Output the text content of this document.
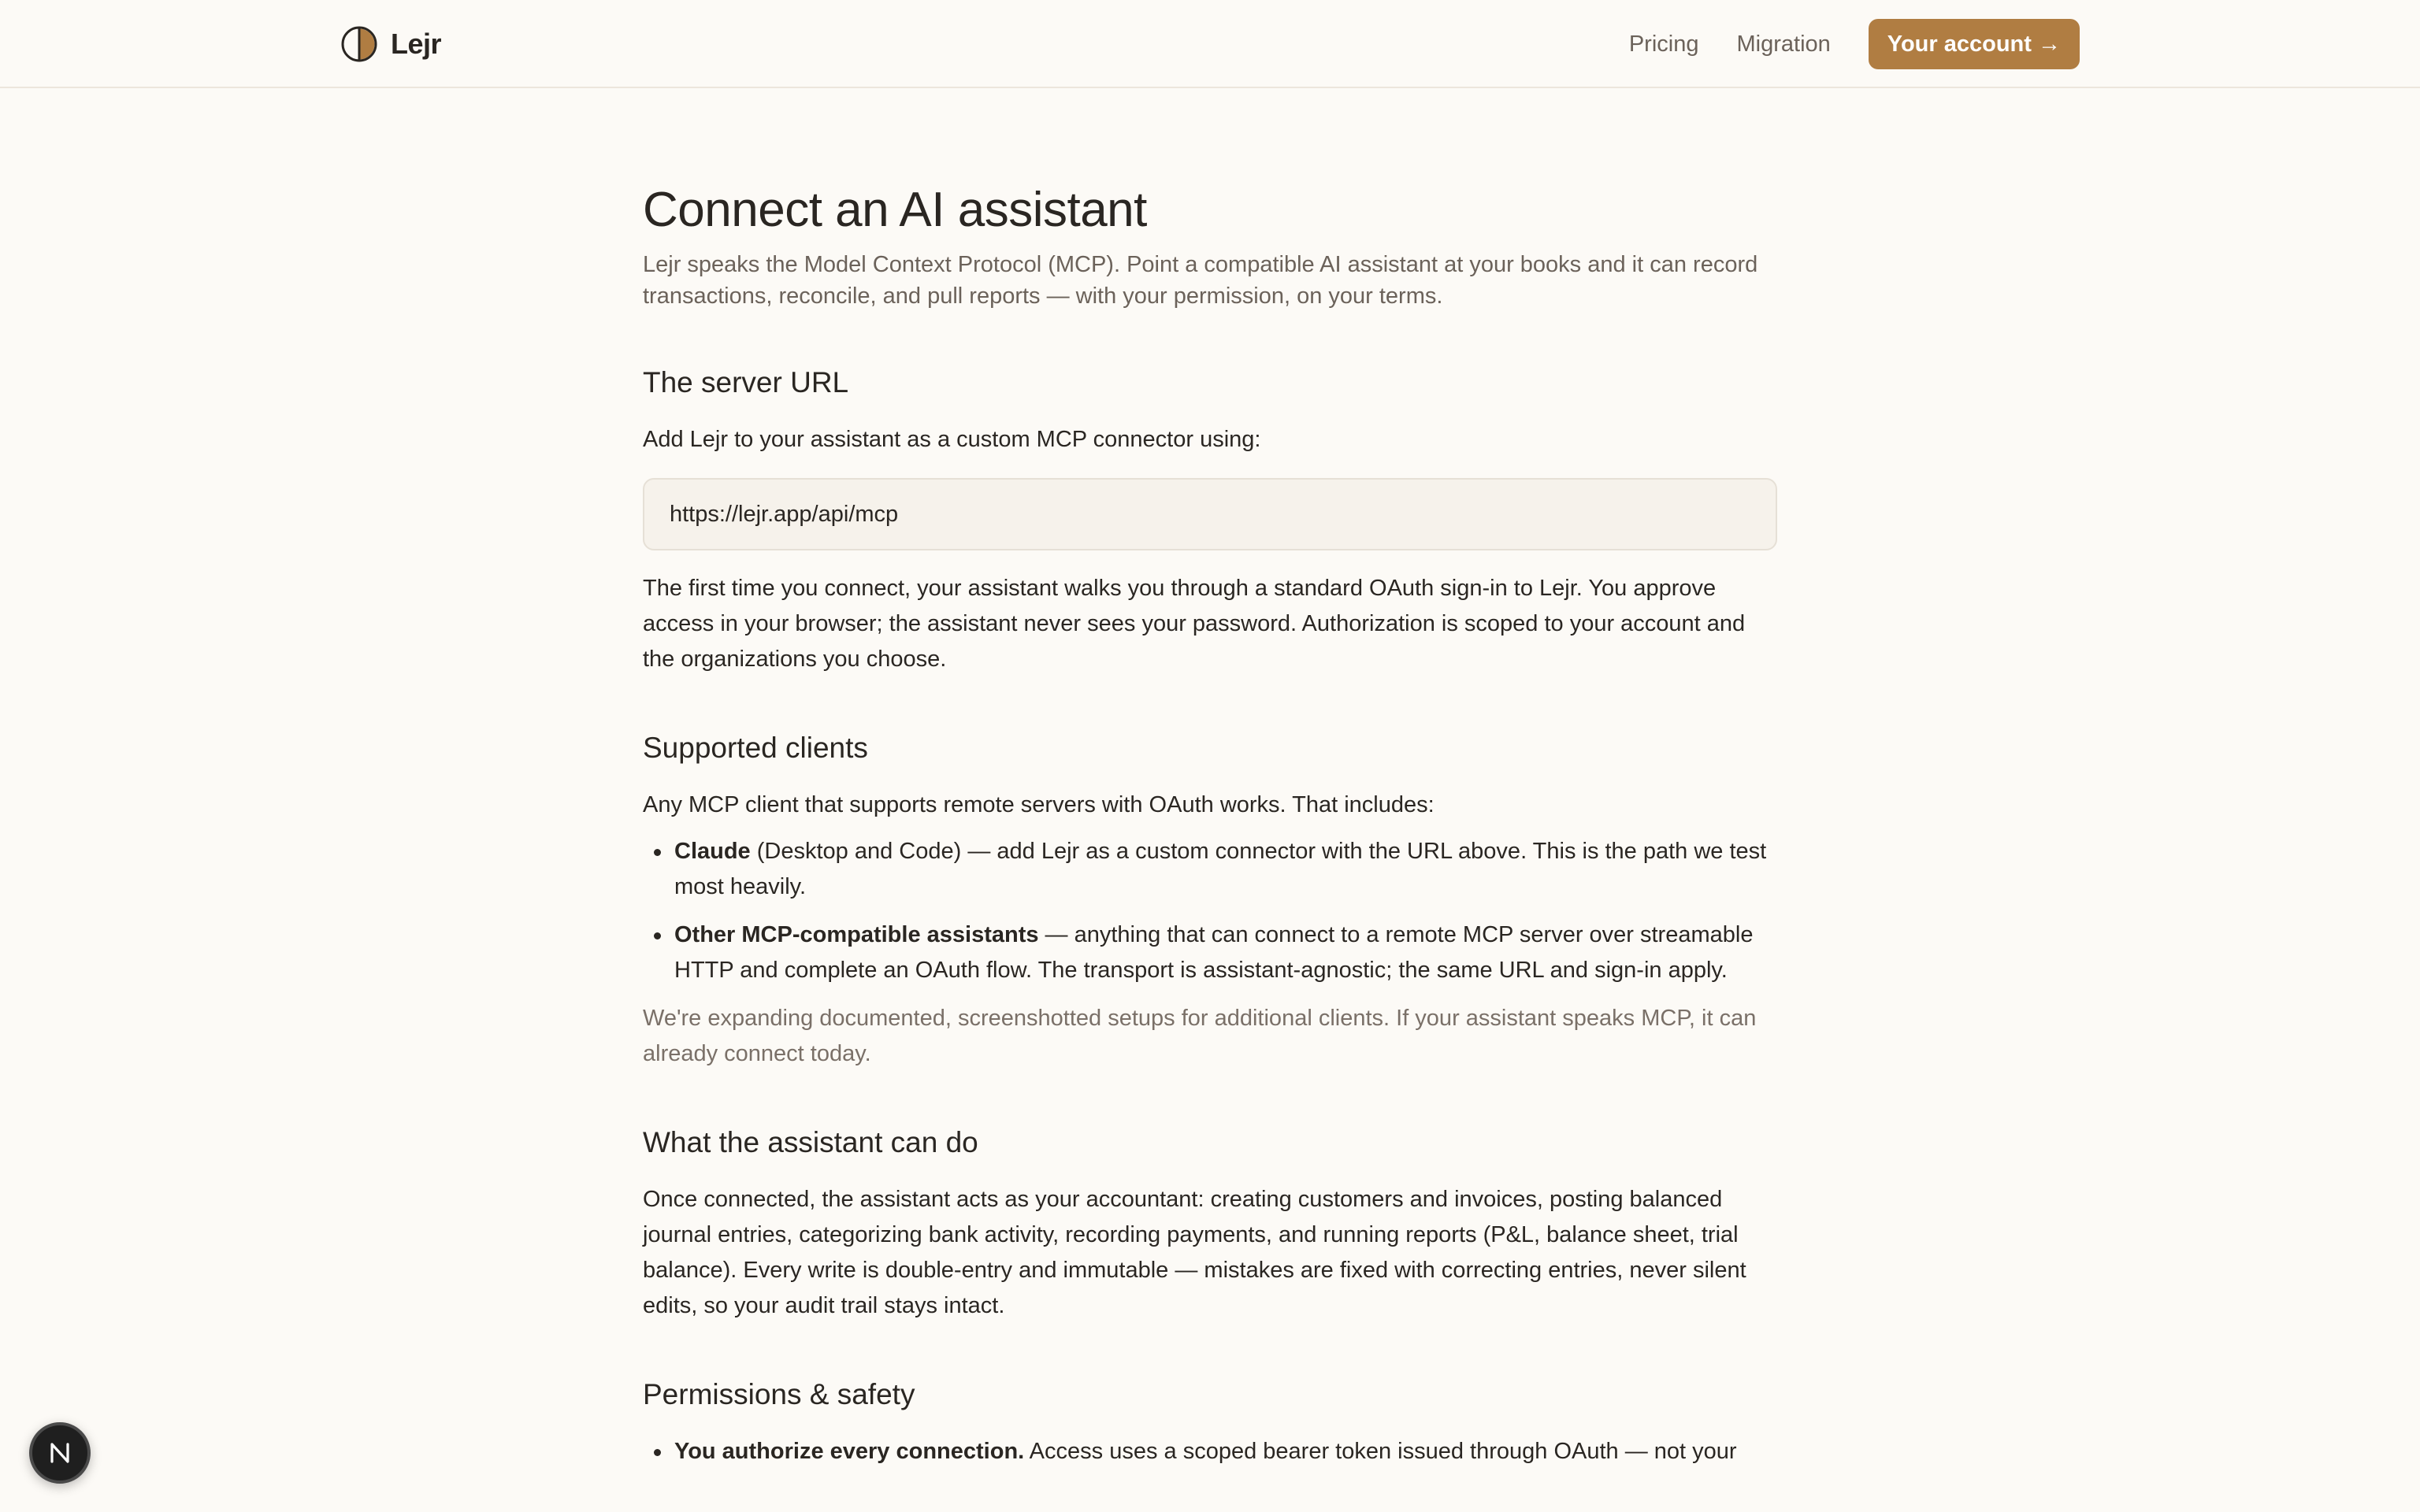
Lejr	Pricing Migration	Your account →
Connect an AI assistant

Lejr speaks the Model Context Protocol (MCP). Point a compatible AI assistant at your books and it can record transactions, reconcile, and pull reports — with your permission, on your terms.

The server URL

Add Lejr to your assistant as a custom MCP connector using:

https://lejr.app/api/mcp

The first time you connect, your assistant walks you through a standard OAuth sign‑in to Lejr. You approve access in your browser; the assistant never sees your password. Authorization is scoped to your account and the organizations you choose.

Supported clients

Any MCP client that supports remote servers with OAuth works. That includes:

Claude (Desktop and Code) — add Lejr as a custom connector with the URL above. This is the path we test most heavily.
Other MCP‑compatible assistants — anything that can connect to a remote MCP server over streamable HTTP and complete an OAuth flow. The transport is assistant‑agnostic; the same URL and sign‑in apply.

We're expanding documented, screenshotted setups for additional clients. If your assistant speaks MCP, it can already connect today.

What the assistant can do

Once connected, the assistant acts as your accountant: creating customers and invoices, posting balanced journal entries, categorizing bank activity, recording payments, and running reports (P&L, balance sheet, trial balance). Every write is double‑entry and immutable — mistakes are fixed with correcting entries, never silent edits, so your audit trail stays intact.

Permissions & safety
You authorize every connection. Access uses a scoped bearer token issued through OAuth — not your
